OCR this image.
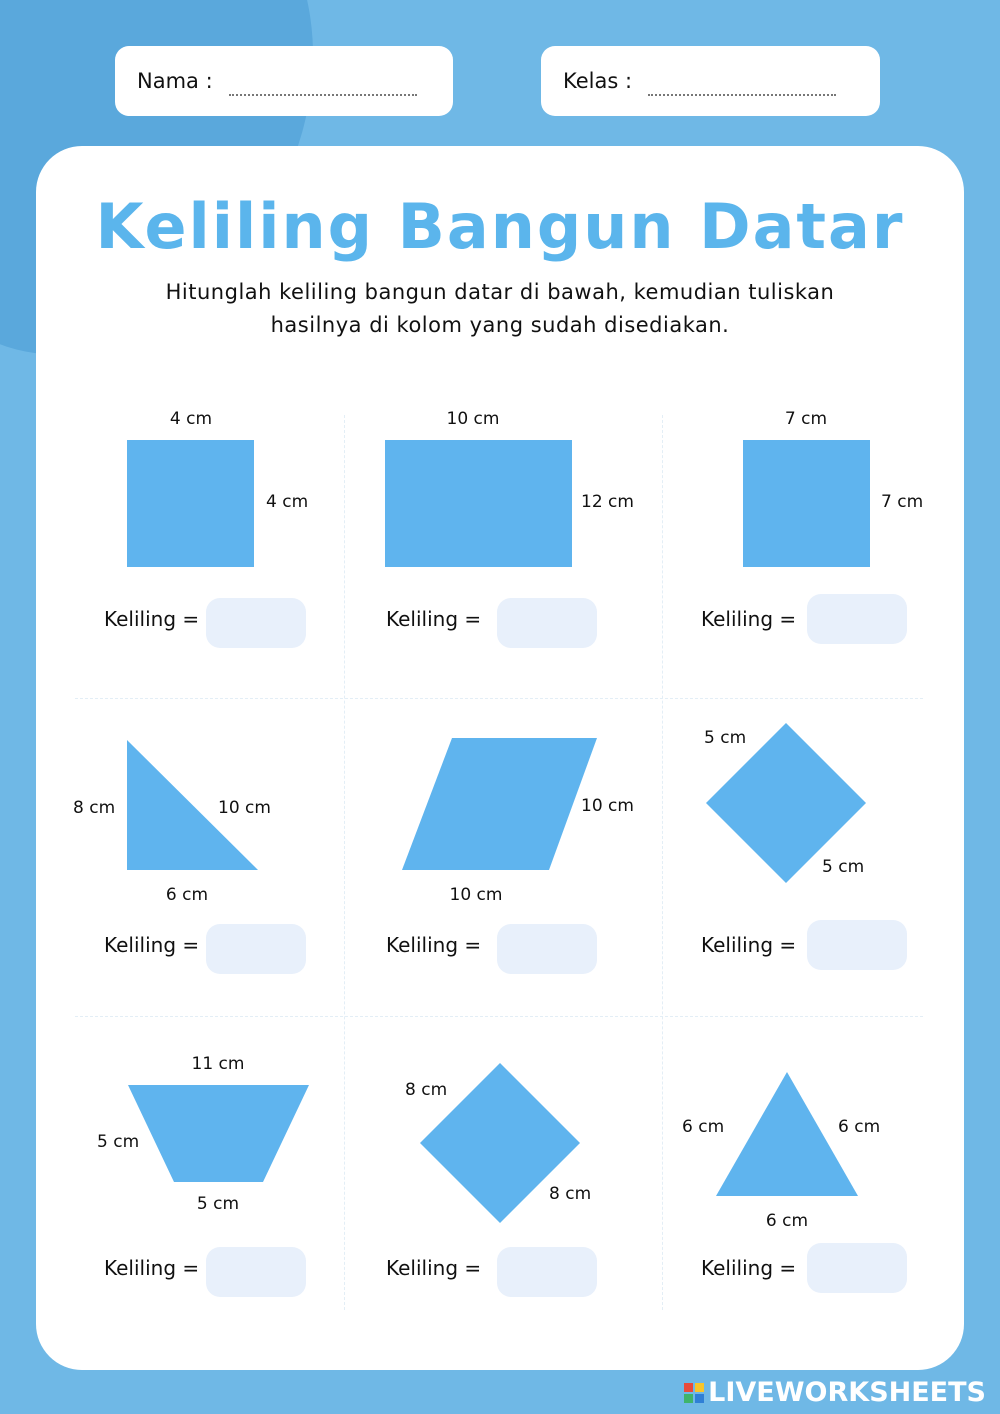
Nama :	Kelas :
Keliling Bangun Datar
Hitunglah keliling bangun datar di bawah, kemudian tuliskan
hasilnya di kolom yang sudah disediakan.
4 cm
4 cm
10 cm
12 cm
7 cm
7 cm
8 cm	10 cm
6 cm
10 cm
10 cm
5 cm
5 cm
11 cm
5 cm
5 cm
8 cm
8 cm
6 cm	6 cm
6 cm
Keliling =	Keliling =	Keliling =
Keliling =	Keliling =	Keliling =
Keliling =	Keliling =	Keliling =
LIVEWORKSHEETS
